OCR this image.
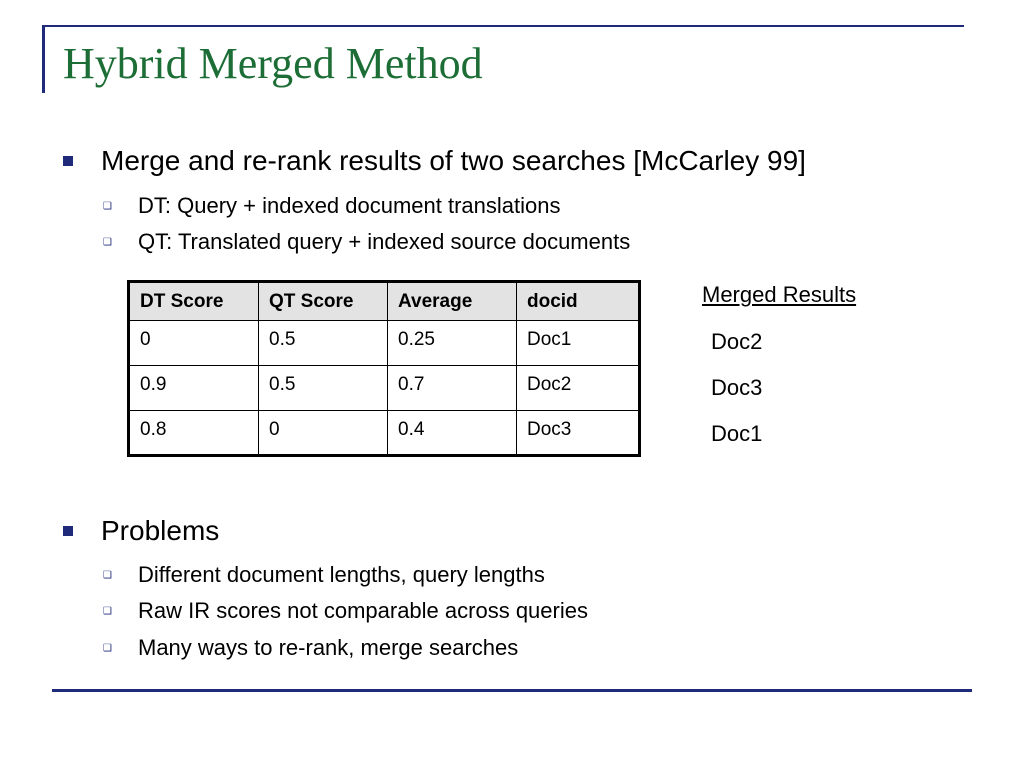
Hybrid Merged Method
Merge and re-rank results of two searches [McCarley 99]
❑ DT: Query + indexed document translations
❑ QT: Translated query + indexed source documents
DT Score	QT Score	Average	docid
0	0.5	0.25	Doc1
0.9	0.5	0.7	Doc2
0.8	0	0.4	Doc3
Merged Results
Doc2
Doc3
Doc1
Problems
❑ Different document lengths, query lengths
❑ Raw IR scores not comparable across queries
❑ Many ways to re-rank, merge searches
